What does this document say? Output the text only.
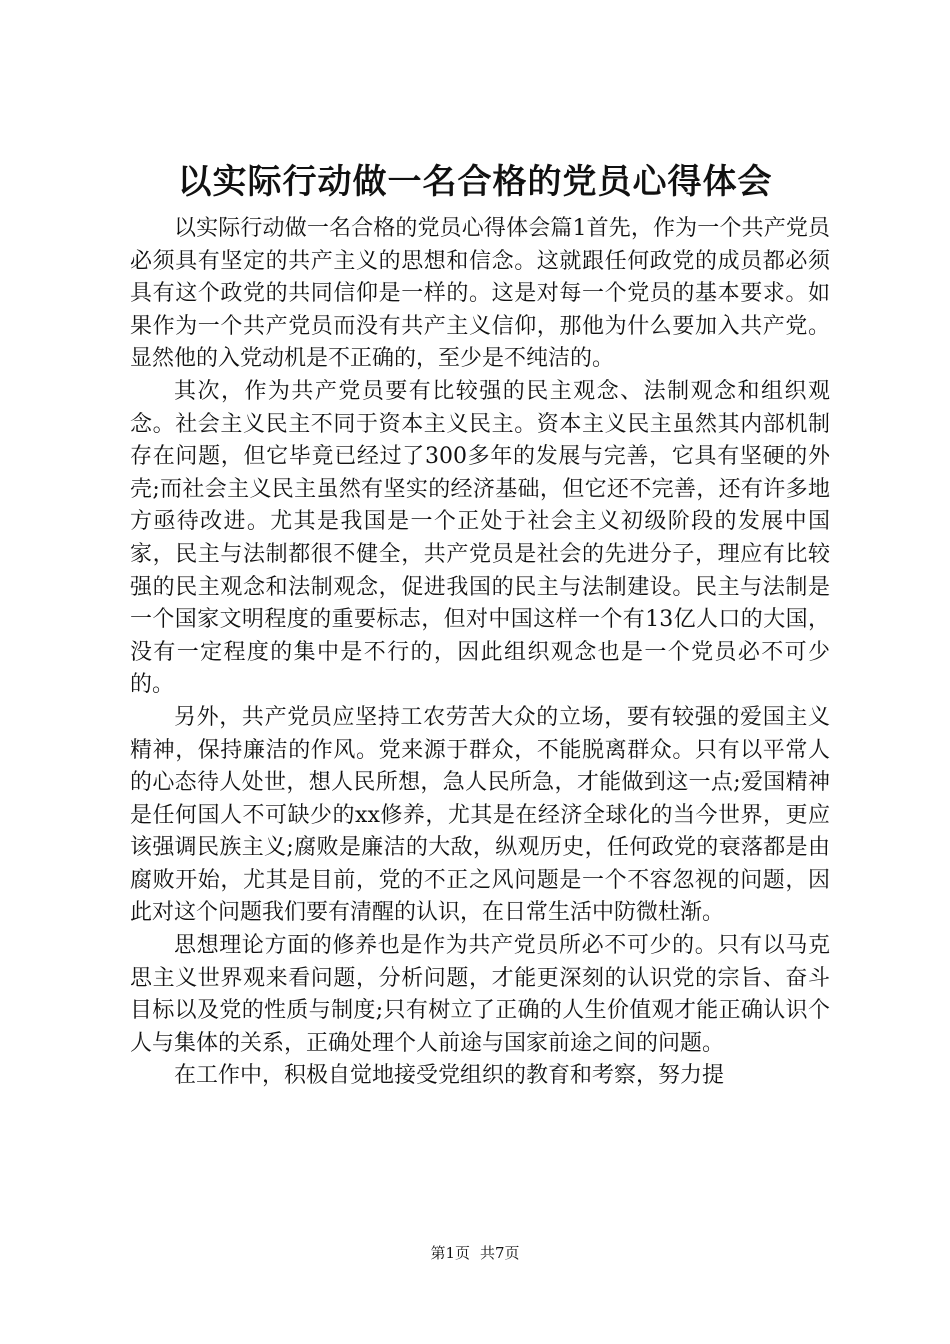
以实际行动做一名合格的党员心得体会

以实际行动做一名合格的党员心得体会篇1首先，作为一个共产党员必须具有坚定的共产主义的思想和信念。这就跟任何政党的成员都必须具有这个政党的共同信仰是一样的。这是对每一个党员的基本要求。如果作为一个共产党员而没有共产主义信仰，那他为什么要加入共产党。显然他的入党动机是不正确的，至少是不纯洁的。

其次，作为共产党员要有比较强的民主观念、法制观念和组织观念。社会主义民主不同于资本主义民主。资本主义民主虽然其内部机制存在问题，但它毕竟已经过了300多年的发展与完善，它具有坚硬的外壳;而社会主义民主虽然有坚实的经济基础，但它还不完善，还有许多地方亟待改进。尤其是我国是一个正处于社会主义初级阶段的发展中国家，民主与法制都很不健全，共产党员是社会的先进分子，理应有比较强的民主观念和法制观念，促进我国的民主与法制建设。民主与法制是一个国家文明程度的重要标志，但对中国这样一个有13亿人口的大国，没有一定程度的集中是不行的，因此组织观念也是一个党员必不可少的。

另外，共产党员应坚持工农劳苦大众的立场，要有较强的爱国主义精神，保持廉洁的作风。党来源于群众，不能脱离群众。只有以平常人的心态待人处世，想人民所想，急人民所急，才能做到这一点;爱国精神是任何国人不可缺少的xx修养，尤其是在经济全球化的当今世界，更应该强调民族主义;腐败是廉洁的大敌，纵观历史，任何政党的衰落都是由腐败开始，尤其是目前，党的不正之风问题是一个不容忽视的问题，因此对这个问题我们要有清醒的认识，在日常生活中防微杜渐。

思想理论方面的修养也是作为共产党员所必不可少的。只有以马克思主义世界观来看问题，分析问题，才能更深刻的认识党的宗旨、奋斗目标以及党的性质与制度;只有树立了正确的人生价值观才能正确认识个人与集体的关系，正确处理个人前途与国家前途之间的问题。

在工作中，积极自觉地接受党组织的教育和考察，努力提

第1页 共7页
